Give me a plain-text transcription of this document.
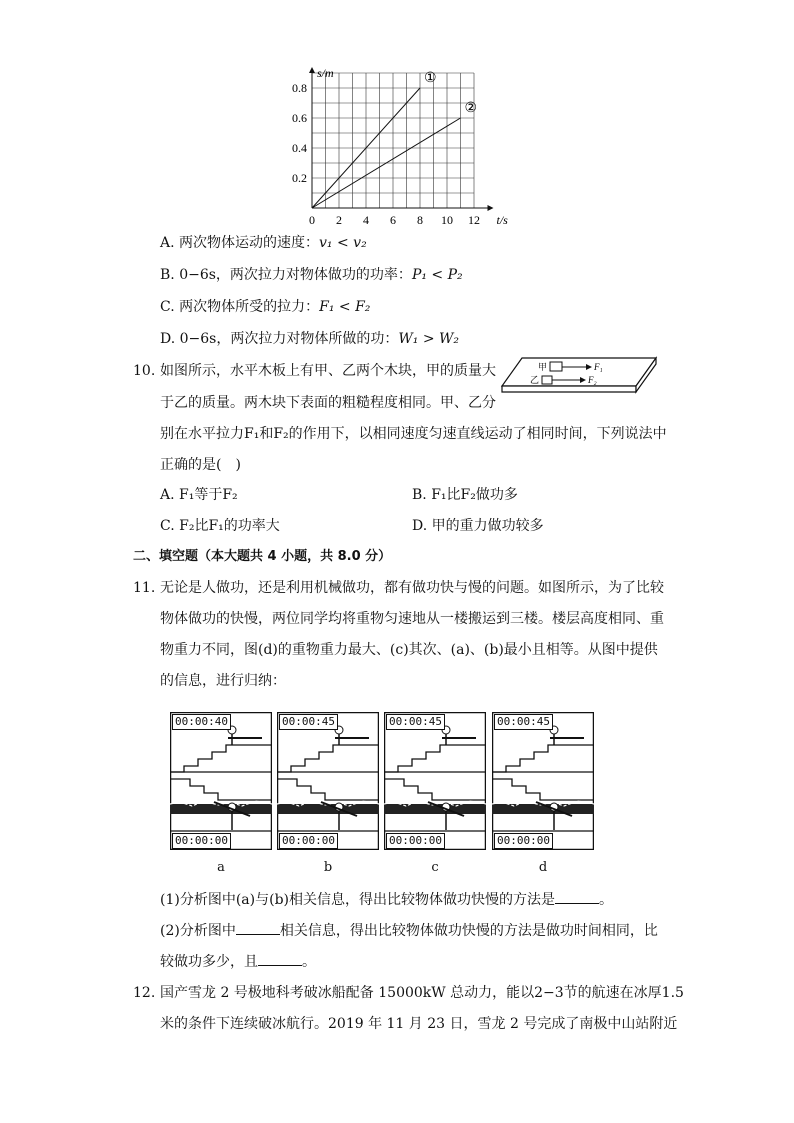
①
②
0 2 4 6 8 10 12
0.2
0.4
0.6
0.8
t/s
s/m
A. 两次物体运动的速度：v₁ < v₂
B. 0−6s，两次拉力对物体做功的功率：P₁ < P₂
C. 两次物体所受的拉力：F₁ < F₂
D. 0−6s，两次拉力对物体所做的功：W₁ > W₂
10. 如图所示，水平木板上有甲、乙两个木块，甲的质量大
于乙的质量。两木块下表面的粗糙程度相同。甲、乙分
别在水平拉力F₁和F₂的作用下，以相同速度匀速直线运动了相同时间，下列说法中
正确的是(　)
甲	F₁
乙	F₂
A. F₁等于F₂	B. F₁比F₂做功多
C. F₂比F₁的功率大	D. 甲的重力做功较多
二、填空题（本大题共 4 小题，共 8.0 分）
11. 无论是人做功，还是利用机械做功，都有做功快与慢的问题。如图所示，为了比较
物体做功的快慢，两位同学均将重物匀速地从一楼搬运到三楼。楼层高度相同、重
物重力不同，图(d)的重物重力最大、(c)其次、(a)、(b)最小且相等。从图中提供
的信息，进行归纳：
00:00:40
00:00:00
a
00:00:45
00:00:00
b
00:00:45
00:00:00
c
00:00:45
00:00:00
d
(1)分析图中(a)与(b)相关信息，得出比较物体做功快慢的方法是	。
(2)分析图中	相关信息，得出比较物体做功快慢的方法是做功时间相同，比
较做功多少，且	。
12. 国产雪龙 2 号极地科考破冰船配备 15000kW 总动力，能以2−3节的航速在冰厚1.5
米的条件下连续破冰航行。2019 年 11 月 23 日，雪龙 2 号完成了南极中山站附近
